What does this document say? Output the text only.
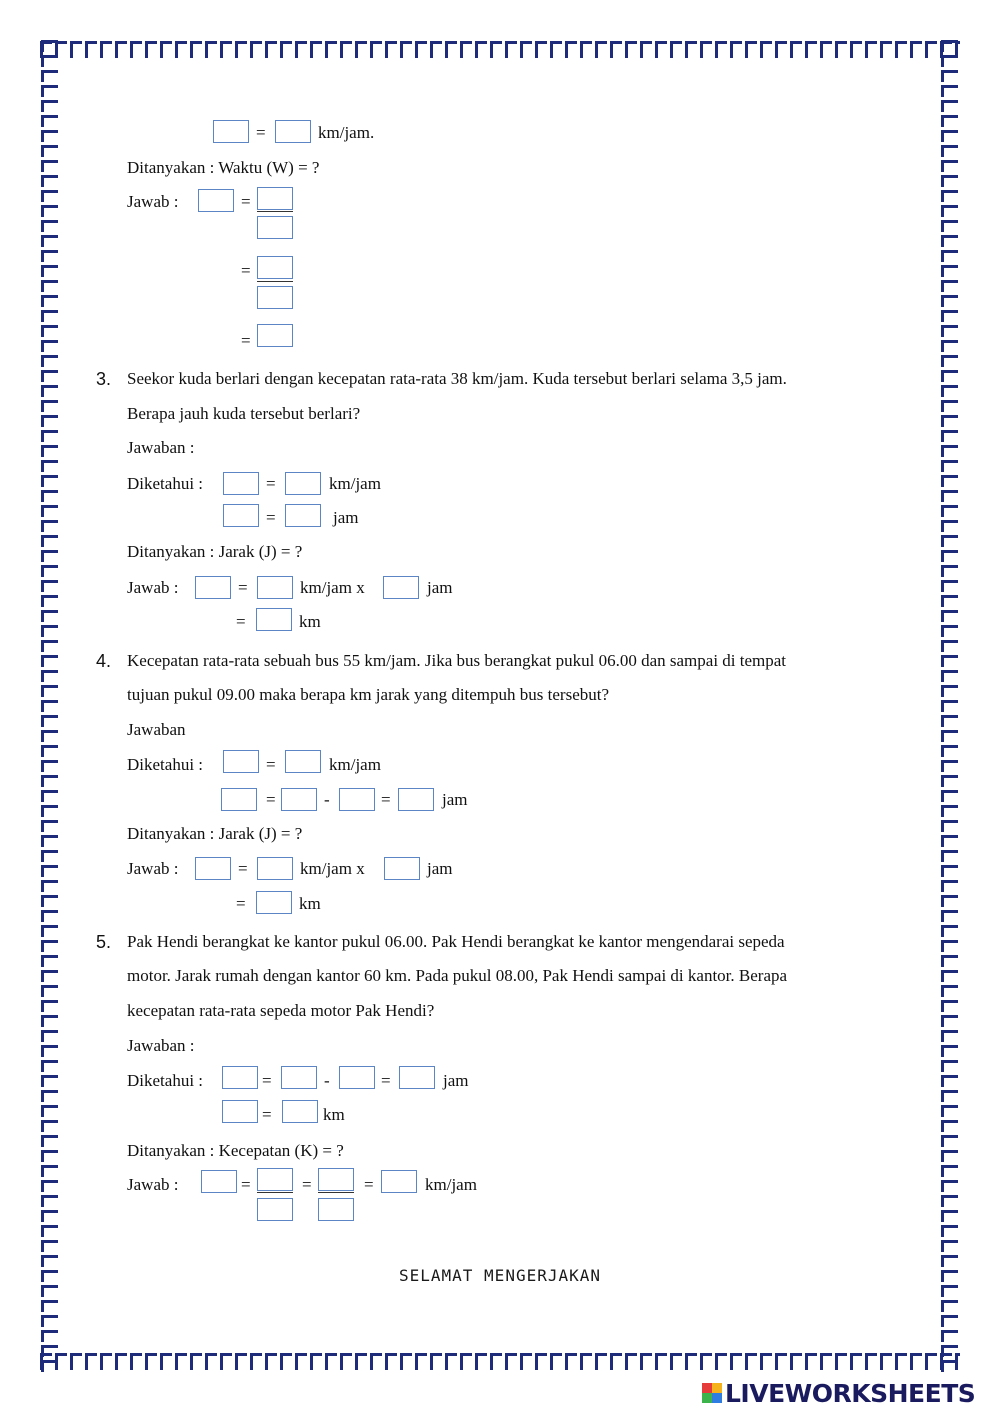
=	km/jam.
Ditanyakan : Waktu (W) = ?
Jawab :	=
=
=
3. Seekor kuda berlari dengan kecepatan rata-rata 38 km/jam. Kuda tersebut berlari selama 3,5 jam.
Berapa jauh kuda tersebut berlari?
Jawaban :
Diketahui :	=	km/jam
=	jam
Ditanyakan : Jarak (J) = ?
Jawab :	=	km/jam x	jam
=	km
4. Kecepatan rata-rata sebuah bus 55 km/jam. Jika bus berangkat pukul 06.00 dan sampai di tempat
tujuan pukul 09.00 maka berapa km jarak yang ditempuh bus tersebut?
Jawaban
Diketahui :	=	km/jam
=	-	=	jam
Ditanyakan : Jarak (J) = ?
Jawab :	=	km/jam x	jam
=	km
5. Pak Hendi berangkat ke kantor pukul 06.00. Pak Hendi berangkat ke kantor mengendarai sepeda
motor. Jarak rumah dengan kantor 60 km. Pada pukul 08.00, Pak Hendi sampai di kantor. Berapa
kecepatan rata-rata sepeda motor Pak Hendi?
Jawaban :
Diketahui :	=	-	=	jam
=	km
Ditanyakan : Kecepatan (K) = ?
Jawab :	=	=	=	km/jam
SELAMAT MENGERJAKAN
LIVEWORKSHEETS
